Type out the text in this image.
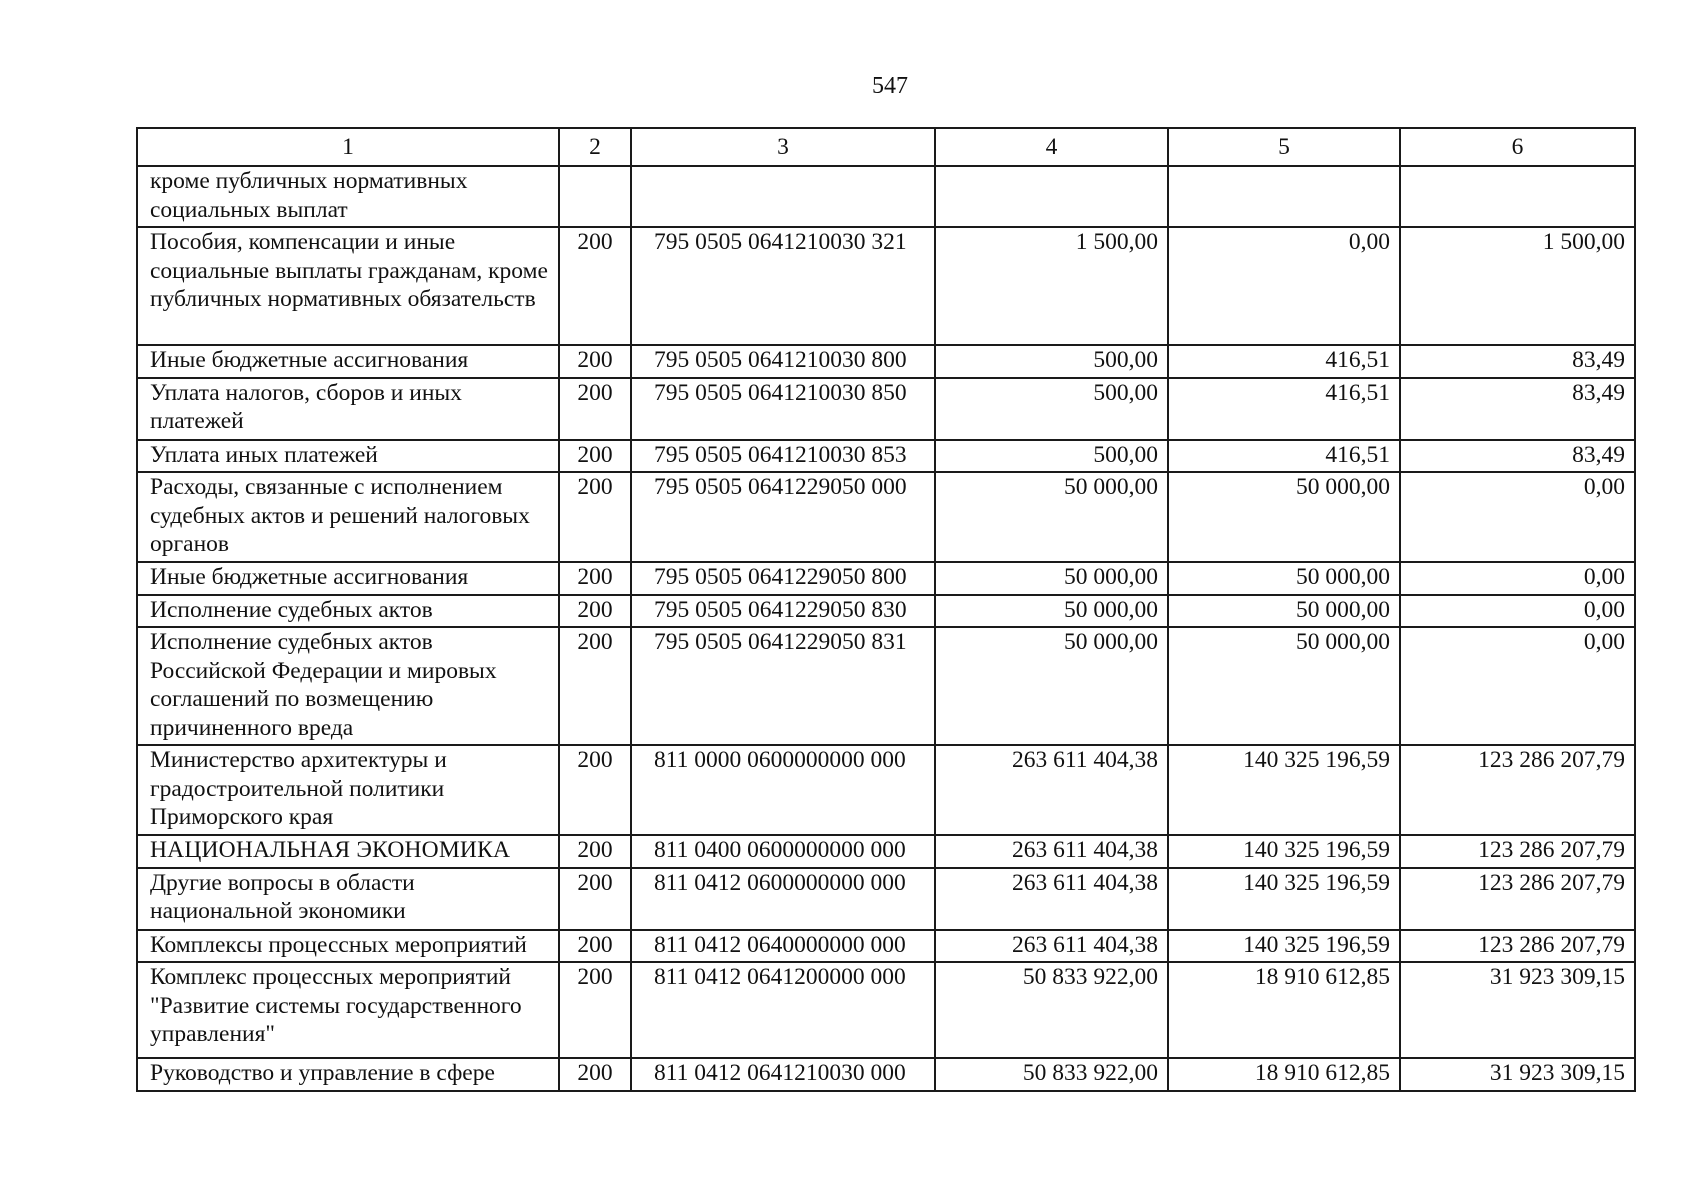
547
1	2	3	4	5	6
кроме публичных нормативных социальных выплат					
Пособия, компенсации и иные социальные выплаты гражданам, кроме публичных нормативных обязательств	200	795 0505 0641210030 321	1 500,00	0,00	1 500,00
Иные бюджетные ассигнования	200	795 0505 0641210030 800	500,00	416,51	83,49
Уплата налогов, сборов и иных платежей	200	795 0505 0641210030 850	500,00	416,51	83,49
Уплата иных платежей	200	795 0505 0641210030 853	500,00	416,51	83,49
Расходы, связанные с исполнением судебных актов и решений налоговых органов	200	795 0505 0641229050 000	50 000,00	50 000,00	0,00
Иные бюджетные ассигнования	200	795 0505 0641229050 800	50 000,00	50 000,00	0,00
Исполнение судебных актов	200	795 0505 0641229050 830	50 000,00	50 000,00	0,00
Исполнение судебных актов Российской Федерации и мировых соглашений по возмещению причиненного вреда	200	795 0505 0641229050 831	50 000,00	50 000,00	0,00
Министерство архитектуры и градостроительной политики Приморского края	200	811 0000 0600000000 000	263 611 404,38	140 325 196,59	123 286 207,79
НАЦИОНАЛЬНАЯ ЭКОНОМИКА	200	811 0400 0600000000 000	263 611 404,38	140 325 196,59	123 286 207,79
Другие вопросы в области национальной экономики	200	811 0412 0600000000 000	263 611 404,38	140 325 196,59	123 286 207,79
Комплексы процессных мероприятий	200	811 0412 0640000000 000	263 611 404,38	140 325 196,59	123 286 207,79
Комплекс процессных мероприятий "Развитие системы государственного управления"	200	811 0412 0641200000 000	50 833 922,00	18 910 612,85	31 923 309,15
Руководство и управление в сфере	200	811 0412 0641210030 000	50 833 922,00	18 910 612,85	31 923 309,15
